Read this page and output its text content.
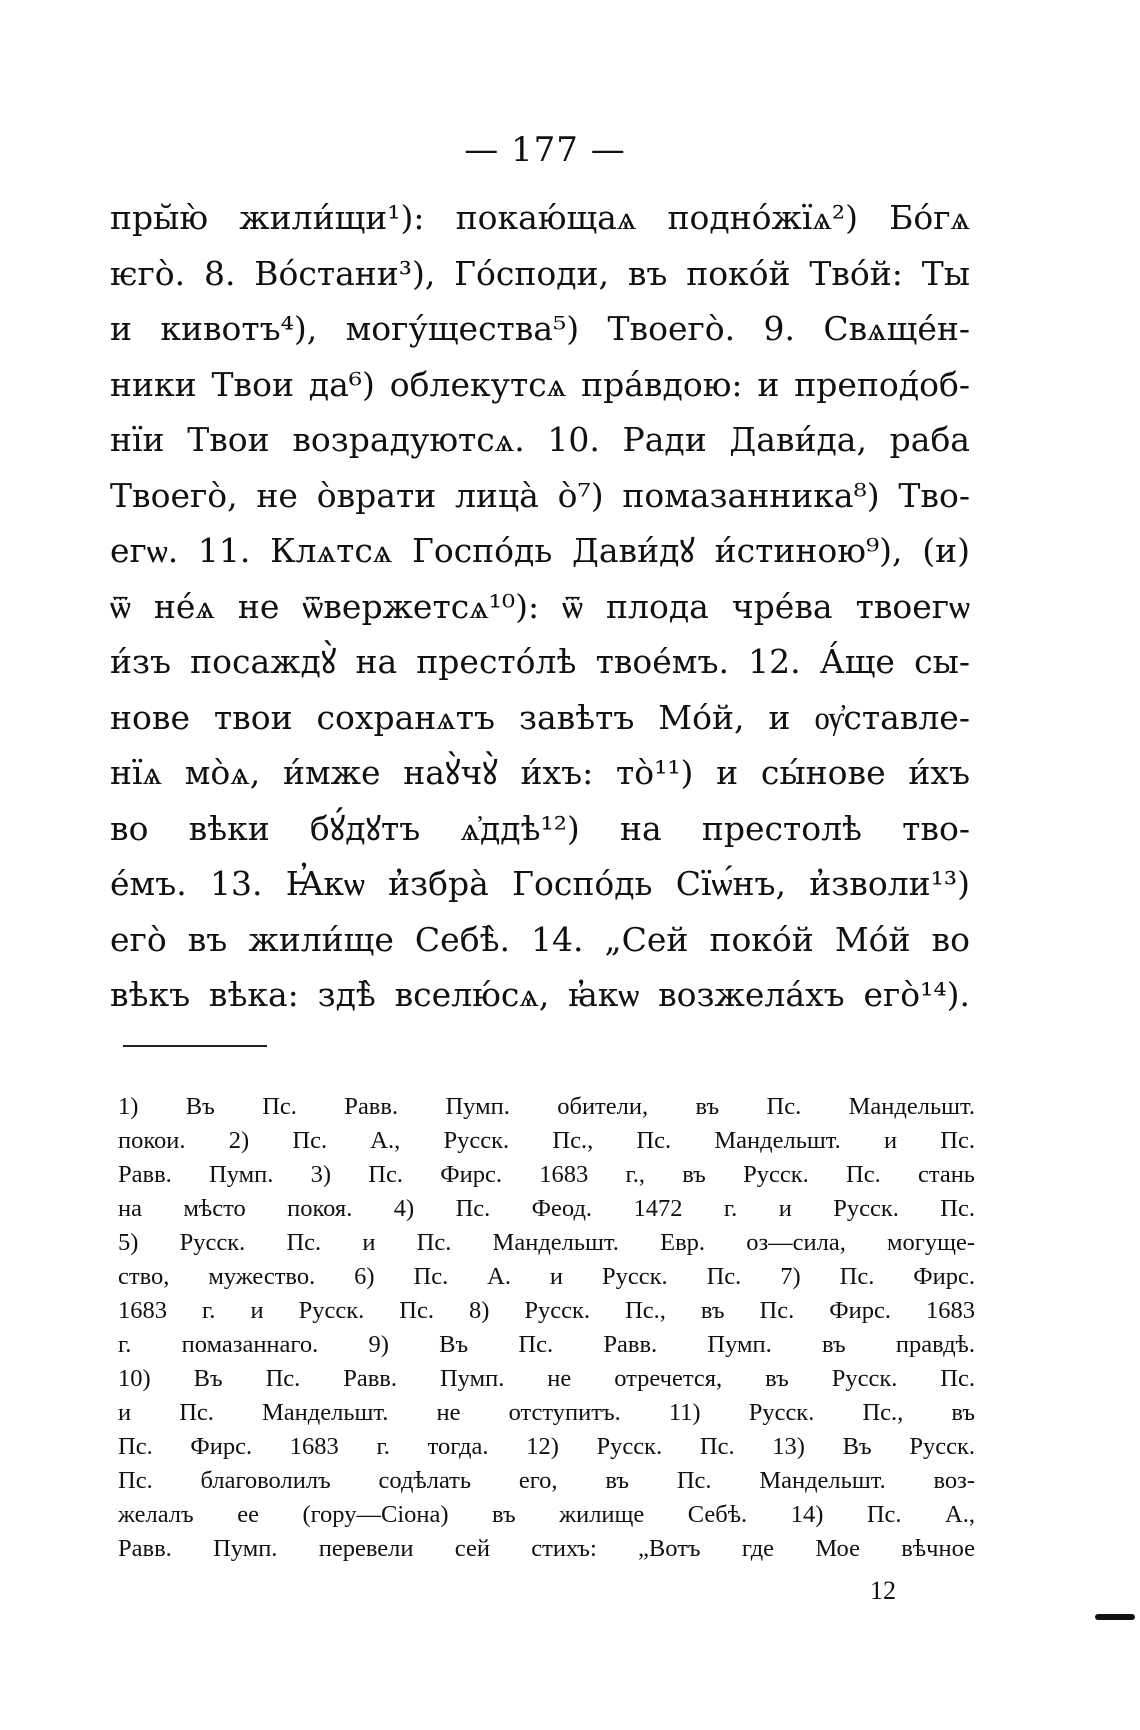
— 177 —
пры̆ю̀ жили́щи¹): покаю́щаѧ подно́жїѧ²) Бо́гѧ
ѥго̀. 8. Вόстани³), Го́споди, въ поко́й Тво́й: Ты
и кивотъ⁴), могу́щества⁵) Твоего̀. 9. Свѧще́н-
ники Твои да⁶) облекутсѧ пра́вдою: и препод́об-
нїи Твои возрадуютсѧ. 10. Ради Дави́да, раба
Твоего̀, не о̀врати лица̀ о̀⁷) помазанника⁸) Тво-
егѡ. 11. Клѧтсѧ Госпо́дь Дави́дꙋ и́стиною⁹), (и)
ѿ не́ѧ не ѿвержетсѧ¹⁰): ѿ плода чре́ва твоегѡ
и́зъ посаждꙋ̀ на престо́лѣ твое́мъ. 12. А́ще сы-
нове твои сохранѧтъ завѣтъ Мо́й, и ѹ̓ставле-
нїѧ мо̀ѧ, и́мже наꙋ̀чꙋ̀ и́хъ: то̀¹¹) и сы́нове и́хъ
во вѣки бꙋ́дꙋтъ ѧ̓ддѣ¹²) на престолѣ тво-
е́мъ. 13. Ꙗ̓кѡ и̓збра̀ Госпо́дь Сїѡ́нъ, и̓зволи¹³)
его̀ въ жили́ще Себѣ̀. 14. „Сей поко́й Мо́й во
вѣкъ вѣка: здѣ̀ вселю́сѧ, ꙗ̓кѡ возжела́хъ его̀¹⁴).
1) Въ Пс. Равв. Пумп. обители, въ Пс. Мандельшт.
покои. 2) Пс. А., Русск. Пс., Пс. Мандельшт. и Пс.
Равв. Пумп. 3) Пс. Фирс. 1683 г., въ Русск. Пс. стань
на мѣсто покоя. 4) Пс. Феод. 1472 г. и Русск. Пс.
5) Русск. Пс. и Пс. Мандельшт. Евр. оз—сила, могуще-
ство, мужество. 6) Пс. А. и Русск. Пс. 7) Пс. Фирс.
1683 г. и Русск. Пс. 8) Русск. Пс., въ Пс. Фирс. 1683
г. помазаннаго. 9) Въ Пс. Равв. Пумп. въ правдѣ.
10) Въ Пс. Равв. Пумп. не отречется, въ Русск. Пс.
и Пс. Мандельшт. не отступитъ. 11) Русск. Пс., въ
Пс. Фирс. 1683 г. тогда. 12) Русск. Пс. 13) Въ Русск.
Пс. благоволилъ содѣлать его, въ Пс. Мандельшт. воз-
желалъ ее (гору—Сіона) въ жилище Себѣ. 14) Пс. А.,
Равв. Пумп. перевели сей стихъ: „Вотъ где Мое вѣчное
12
